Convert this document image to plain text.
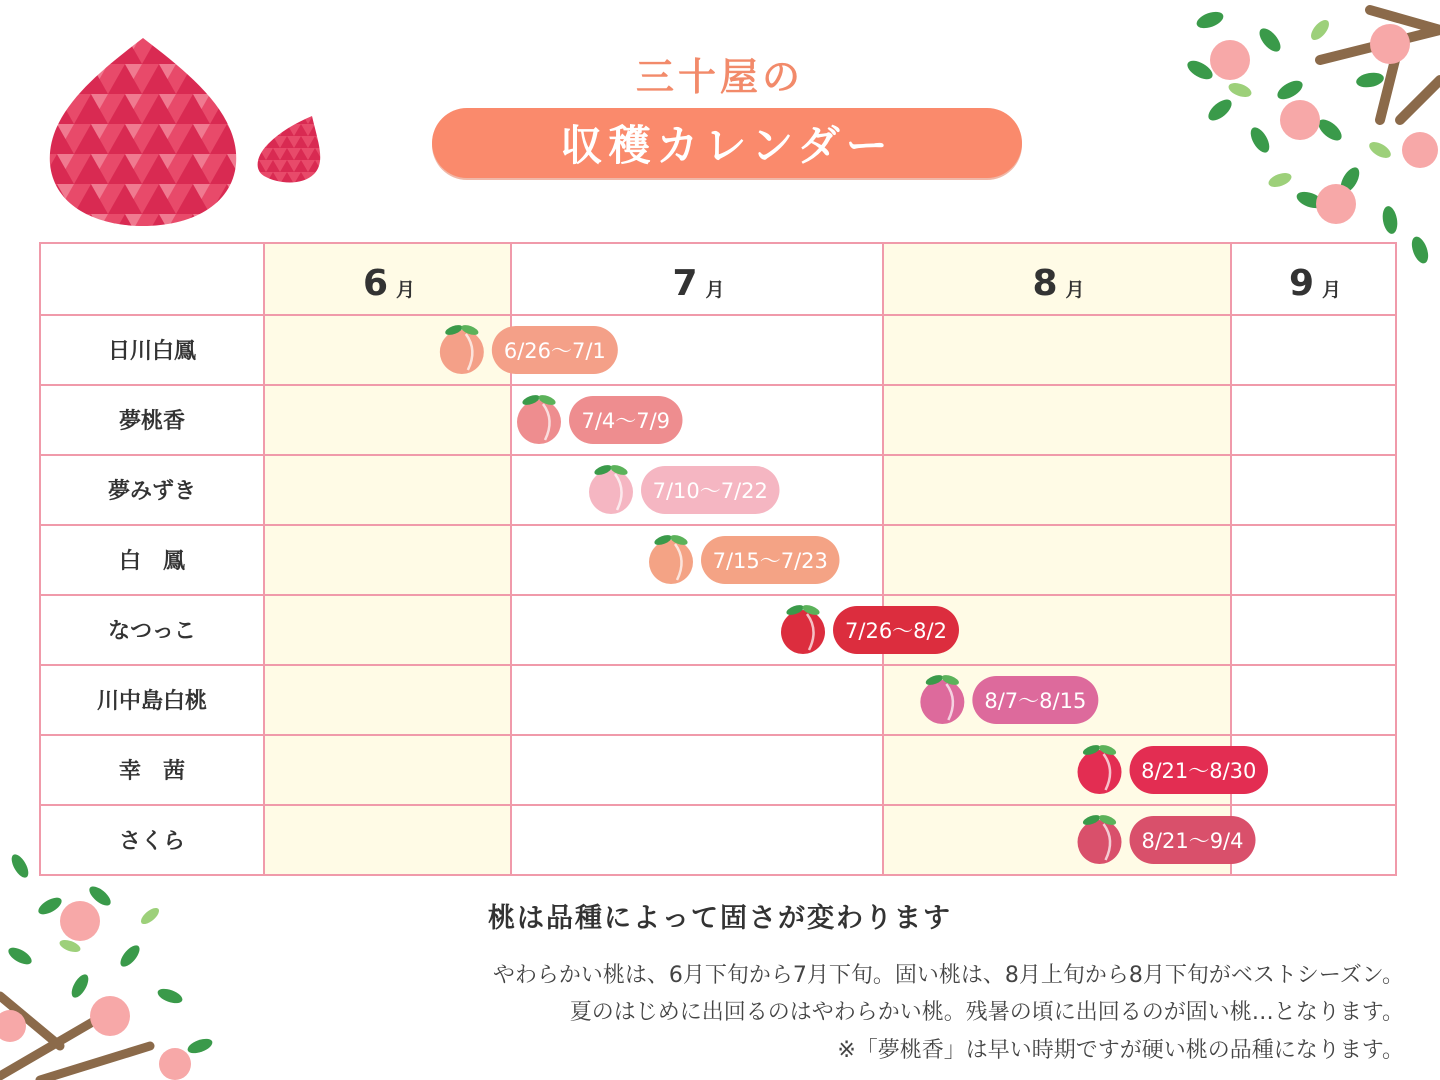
三十屋の
収穫カレンダー
6 月	7 月	8 月	9 月
日川白鳳	6/26〜7/1
夢桃香	7/4〜7/9
夢みずき	7/10〜7/22
白　鳳	7/15〜7/23
なつっこ	7/26〜8/2
川中島白桃	8/7〜8/15
幸　茜	8/21〜8/30
さくら	8/21〜9/4
桃は品種によって固さが変わります
やわらかい桃は、6月下旬から7月下旬。固い桃は、8月上旬から8月下旬がベストシーズン。
夏のはじめに出回るのはやわらかい桃。残暑の頃に出回るのが固い桃…となります。
※「夢桃香」は早い時期ですが硬い桃の品種になります。
